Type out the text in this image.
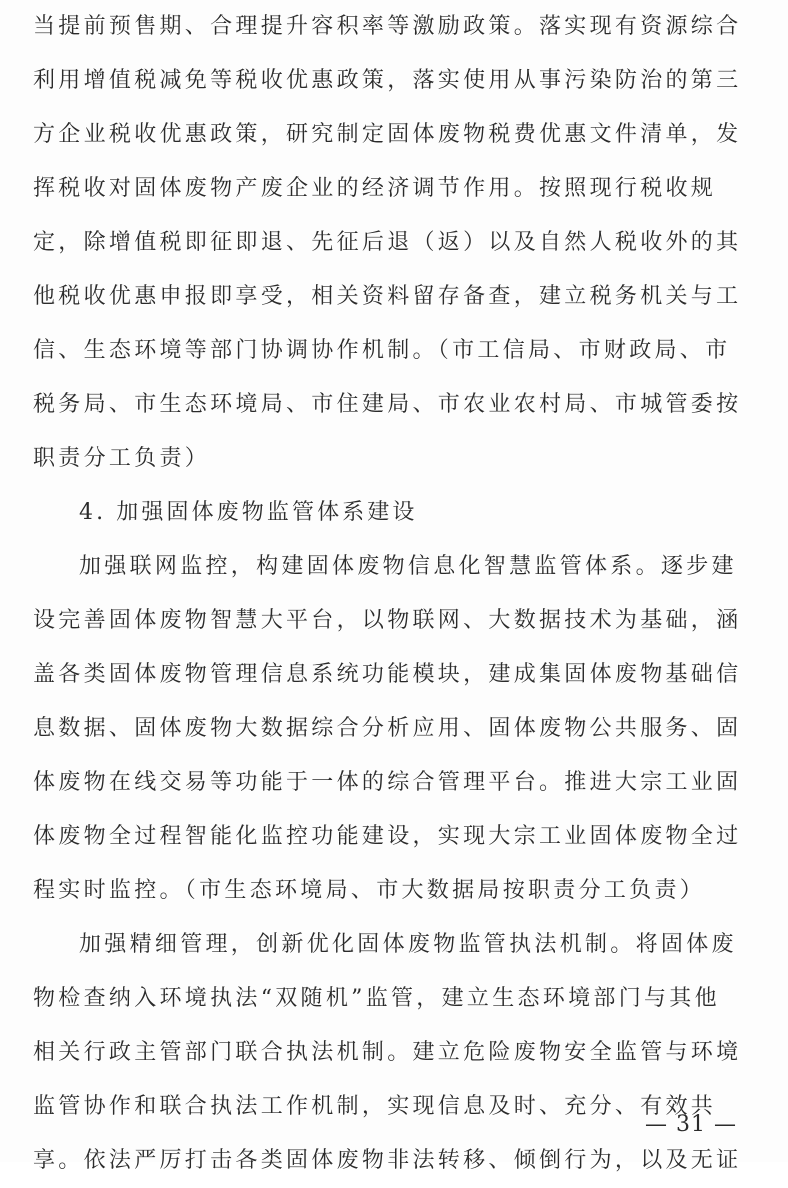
当提前预售期、合理提升容积率等激励政策。落实现有资源综合
利用增值税减免等税收优惠政策，落实使用从事污染防治的第三
方企业税收优惠政策，研究制定固体废物税费优惠文件清单，发
挥税收对固体废物产废企业的经济调节作用。按照现行税收规
定，除增值税即征即退、先征后退（返）以及自然人税收外的其
他税收优惠申报即享受，相关资料留存备查，建立税务机关与工
信、生态环境等部门协调协作机制。（市工信局、市财政局、市
税务局、市生态环境局、市住建局、市农业农村局、市城管委按
职责分工负责）
4. 加强固体废物监管体系建设
加强联网监控，构建固体废物信息化智慧监管体系。逐步建
设完善固体废物智慧大平台，以物联网、大数据技术为基础，涵
盖各类固体废物管理信息系统功能模块，建成集固体废物基础信
息数据、固体废物大数据综合分析应用、固体废物公共服务、固
体废物在线交易等功能于一体的综合管理平台。推进大宗工业固
体废物全过程智能化监控功能建设，实现大宗工业固体废物全过
程实时监控。（市生态环境局、市大数据局按职责分工负责）
加强精细管理，创新优化固体废物监管执法机制。将固体废
物检查纳入环境执法“双随机”监管，建立生态环境部门与其他
相关行政主管部门联合执法机制。建立危险废物安全监管与环境
监管协作和联合执法工作机制，实现信息及时、充分、有效共
享。依法严厉打击各类固体废物非法转移、倾倒行为，以及无证
— 31 —
